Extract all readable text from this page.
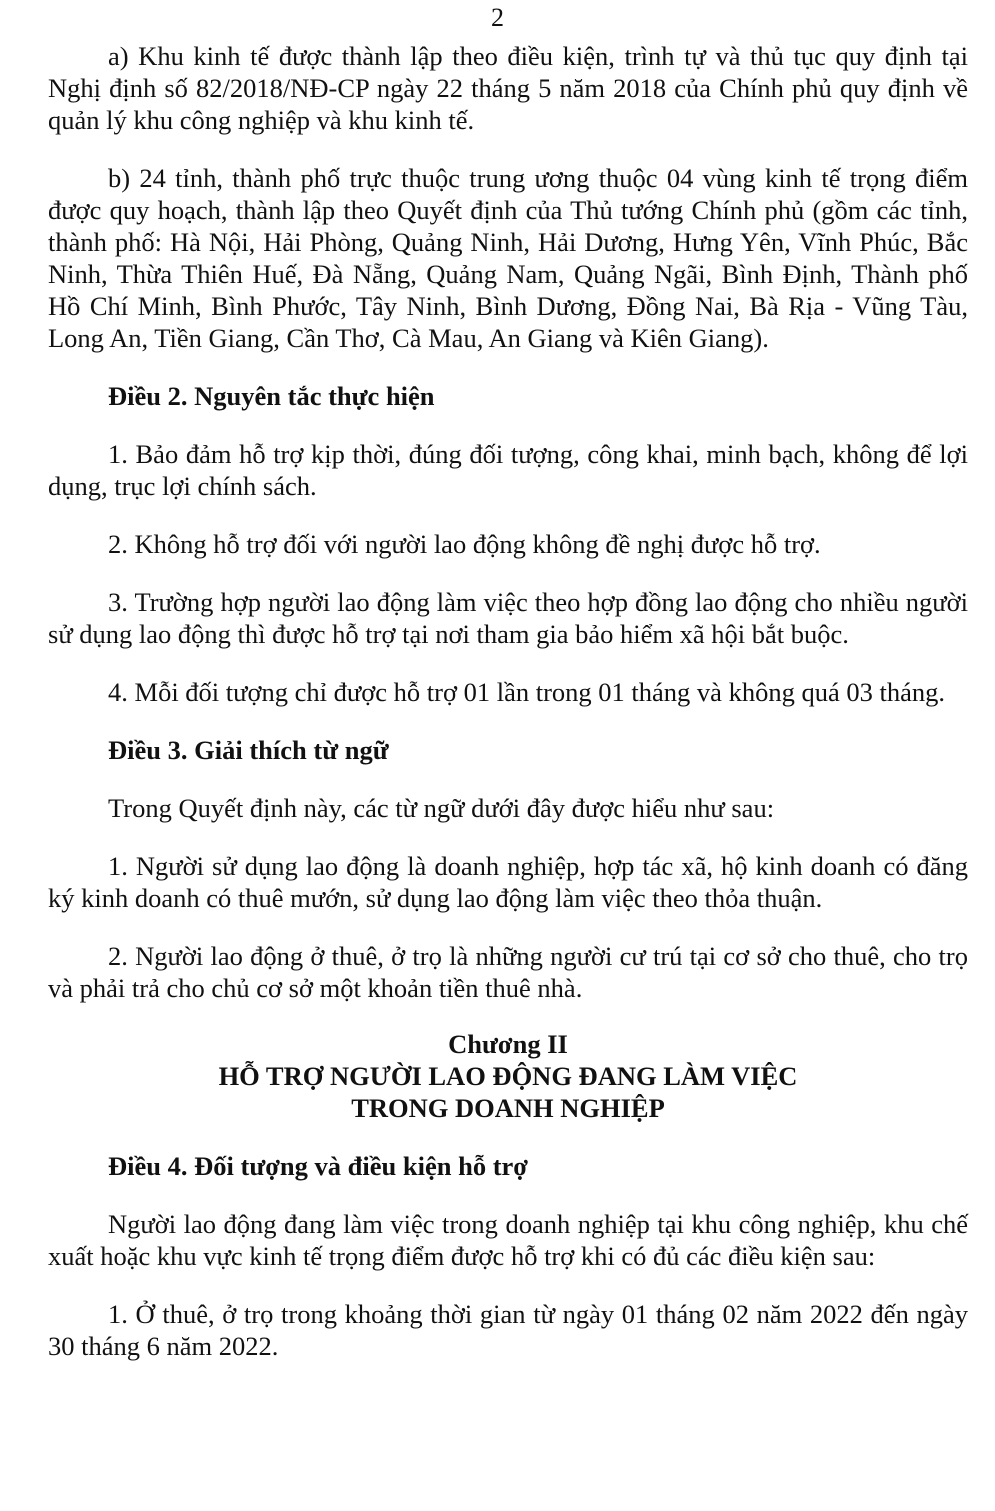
2

a) Khu kinh tế được thành lập theo điều kiện, trình tự và thủ tục quy định tại Nghị định số 82/2018/NĐ-CP ngày 22 tháng 5 năm 2018 của Chính phủ quy định về quản lý khu công nghiệp và khu kinh tế.

b) 24 tỉnh, thành phố trực thuộc trung ương thuộc 04 vùng kinh tế trọng điểm được quy hoạch, thành lập theo Quyết định của Thủ tướng Chính phủ (gồm các tỉnh, thành phố: Hà Nội, Hải Phòng, Quảng Ninh, Hải Dương, Hưng Yên, Vĩnh Phúc, Bắc Ninh, Thừa Thiên Huế, Đà Nẵng, Quảng Nam, Quảng Ngãi, Bình Định, Thành phố Hồ Chí Minh, Bình Phước, Tây Ninh, Bình Dương, Đồng Nai, Bà Rịa - Vũng Tàu, Long An, Tiền Giang, Cần Thơ, Cà Mau, An Giang và Kiên Giang).

Điều 2. Nguyên tắc thực hiện

1. Bảo đảm hỗ trợ kịp thời, đúng đối tượng, công khai, minh bạch, không để lợi dụng, trục lợi chính sách.

2. Không hỗ trợ đối với người lao động không đề nghị được hỗ trợ.

3. Trường hợp người lao động làm việc theo hợp đồng lao động cho nhiều người sử dụng lao động thì được hỗ trợ tại nơi tham gia bảo hiểm xã hội bắt buộc.

4. Mỗi đối tượng chỉ được hỗ trợ 01 lần trong 01 tháng và không quá 03 tháng.

Điều 3. Giải thích từ ngữ

Trong Quyết định này, các từ ngữ dưới đây được hiểu như sau:

1. Người sử dụng lao động là doanh nghiệp, hợp tác xã, hộ kinh doanh có đăng ký kinh doanh có thuê mướn, sử dụng lao động làm việc theo thỏa thuận.

2. Người lao động ở thuê, ở trọ là những người cư trú tại cơ sở cho thuê, cho trọ và phải trả cho chủ cơ sở một khoản tiền thuê nhà.

Chương II
HỖ TRỢ NGƯỜI LAO ĐỘNG ĐANG LÀM VIỆC
TRONG DOANH NGHIỆP

Điều 4. Đối tượng và điều kiện hỗ trợ

Người lao động đang làm việc trong doanh nghiệp tại khu công nghiệp, khu chế xuất hoặc khu vực kinh tế trọng điểm được hỗ trợ khi có đủ các điều kiện sau:

1. Ở thuê, ở trọ trong khoảng thời gian từ ngày 01 tháng 02 năm 2022 đến ngày 30 tháng 6 năm 2022.
